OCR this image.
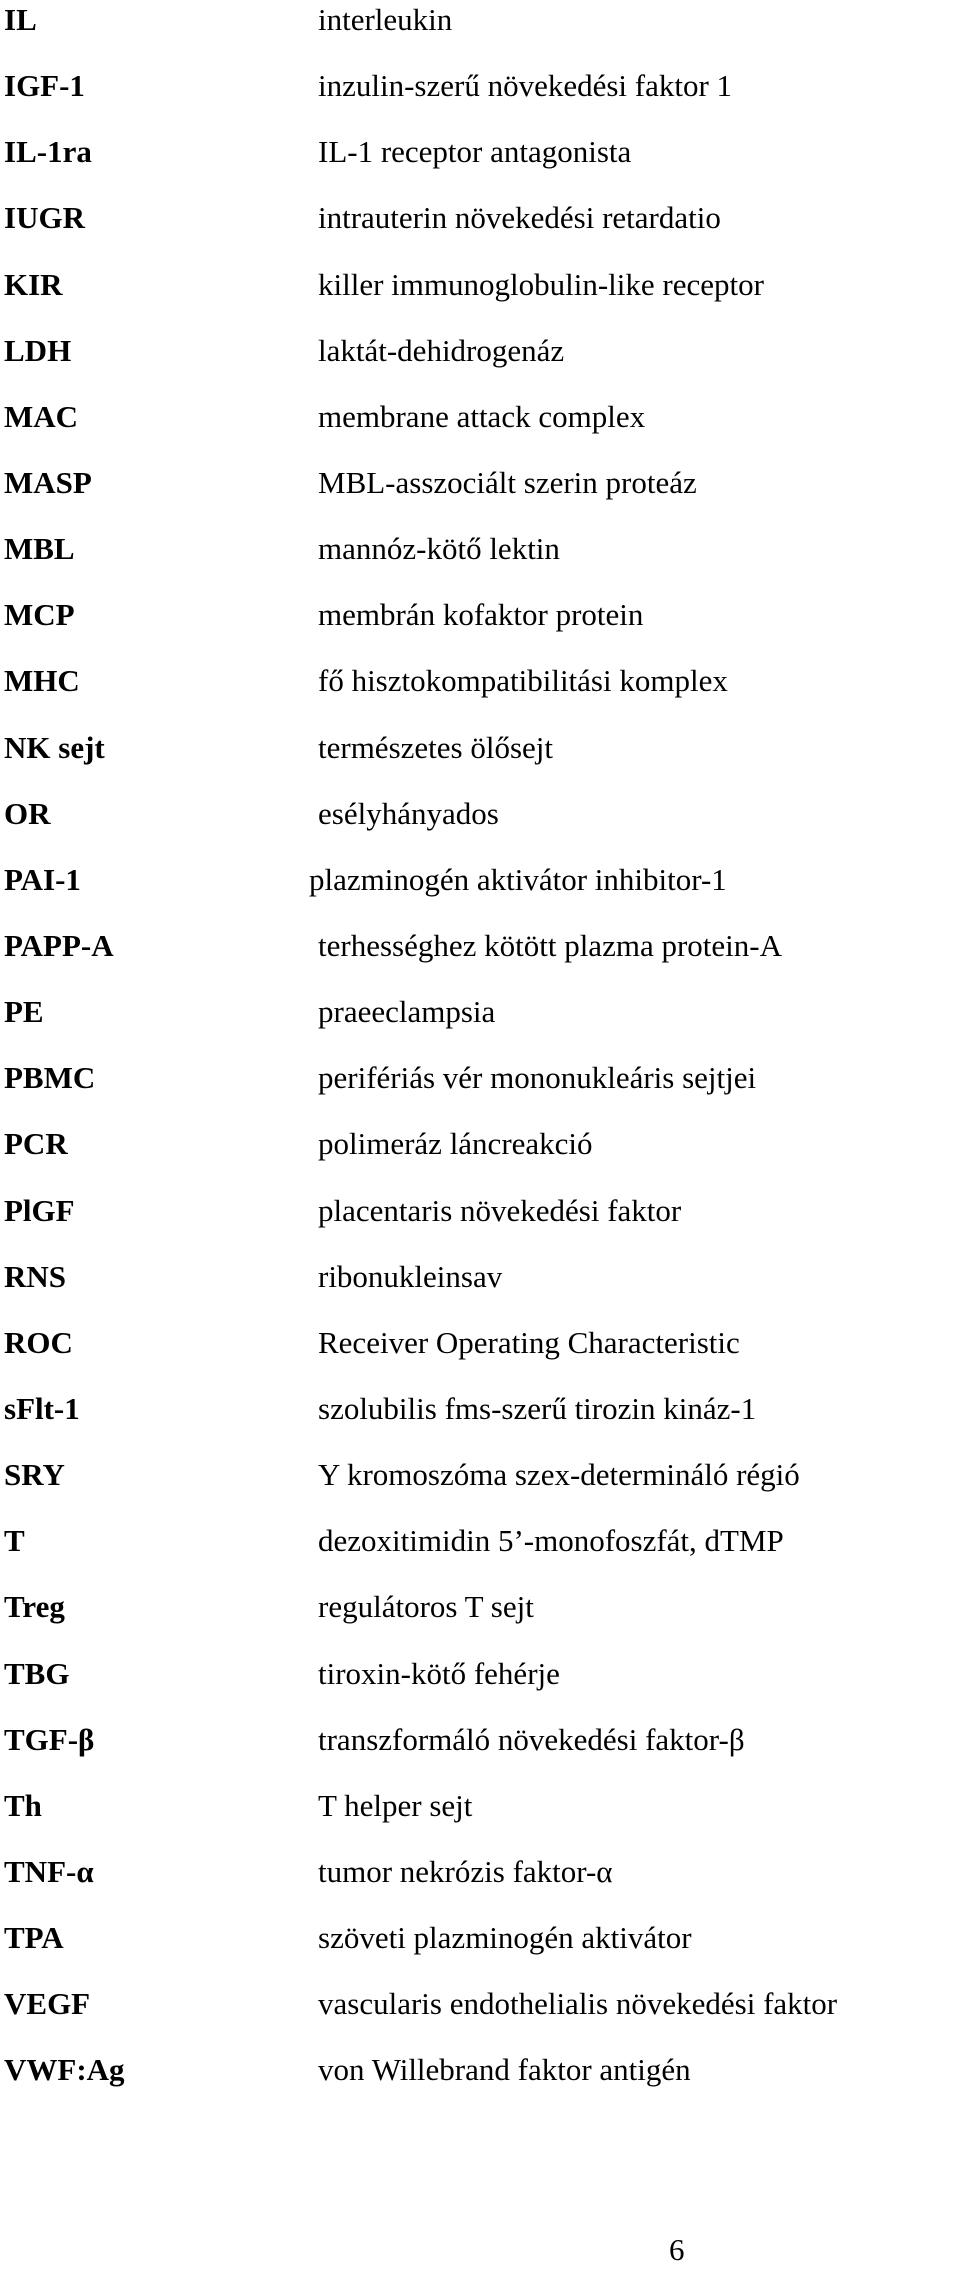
IL	interleukin
IGF-1	inzulin-szerű növekedési faktor 1
IL-1ra	IL-1 receptor antagonista
IUGR	intrauterin növekedési retardatio
KIR	killer immunoglobulin-like receptor
LDH	laktát-dehidrogenáz
MAC	membrane attack complex
MASP	MBL-asszociált szerin proteáz
MBL	mannóz-kötő lektin
MCP	membrán kofaktor protein
MHC	fő hisztokompatibilitási komplex
NK sejt	természetes ölősejt
OR	esélyhányados
PAI-1	plazminogén aktivátor inhibitor-1
PAPP-A	terhességhez kötött plazma protein-A
PE	praeeclampsia
PBMC	perifériás vér mononukleáris sejtjei
PCR	polimeráz láncreakció
PlGF	placentaris növekedési faktor
RNS	ribonukleinsav
ROC	Receiver Operating Characteristic
sFlt-1	szolubilis fms-szerű tirozin kináz-1
SRY	Y kromoszóma szex-determináló régió
T	dezoxitimidin 5’-monofoszfát, dTMP
Treg	regulátoros T sejt
TBG	tiroxin-kötő fehérje
TGF-β	transzformáló növekedési faktor-β
Th	T helper sejt
TNF-α	tumor nekrózis faktor-α
TPA	szöveti plazminogén aktivátor
VEGF	vascularis endothelialis növekedési faktor
VWF:Ag	von Willebrand faktor antigén
6
